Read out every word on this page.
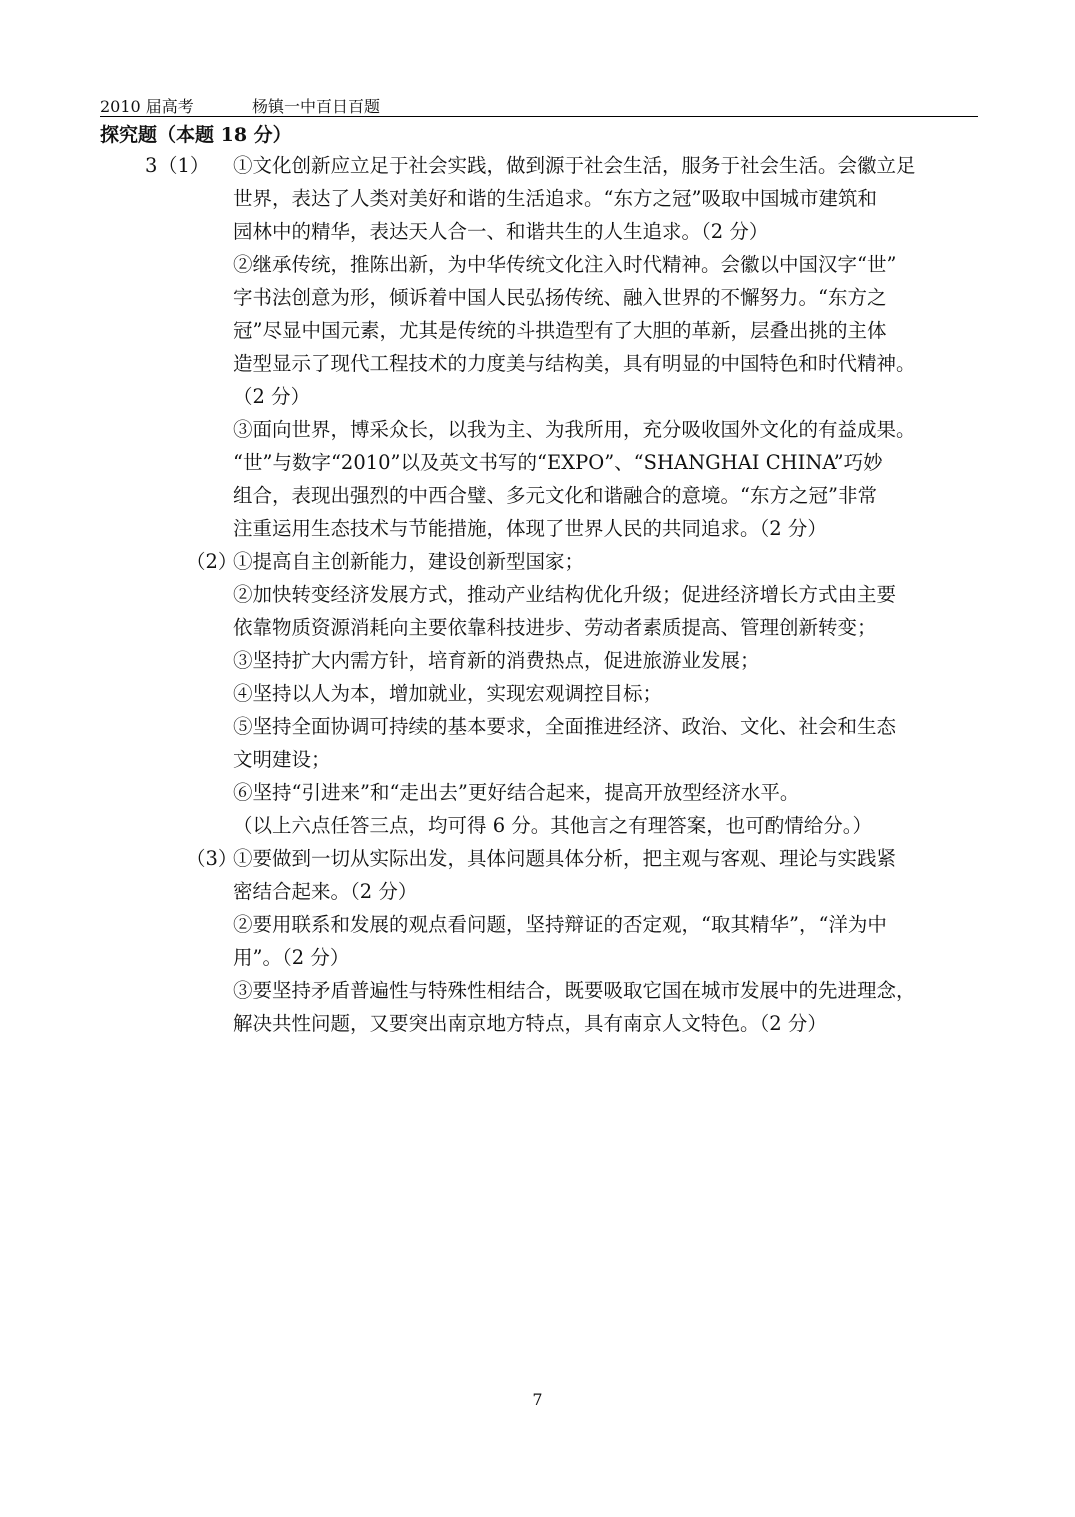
2010 届高考	杨镇一中百日百题
探究题（本题 18 分）
3 （1） ①文化创新应立足于社会实践，做到源于社会生活，服务于社会生活。会徽立足
世界，表达了人类对美好和谐的生活追求。“东方之冠”吸取中国城市建筑和
园林中的精华，表达天人合一、和谐共生的人生追求。（2 分）
②继承传统，推陈出新，为中华传统文化注入时代精神。会徽以中国汉字“世”
字书法创意为形，倾诉着中国人民弘扬传统、融入世界的不懈努力。“东方之
冠”尽显中国元素，尤其是传统的斗拱造型有了大胆的革新，层叠出挑的主体
造型显示了现代工程技术的力度美与结构美，具有明显的中国特色和时代精神。
（2 分）
③面向世界，博采众长，以我为主、为我所用，充分吸收国外文化的有益成果。
“世”与数字“2010”以及英文书写的“EXPO”、“SHANGHAI CHINA”巧妙
组合，表现出强烈的中西合璧、多元文化和谐融合的意境。“东方之冠”非常
注重运用生态技术与节能措施，体现了世界人民的共同追求。（2 分）
（2）
①提高自主创新能力，建设创新型国家；
②加快转变经济发展方式，推动产业结构优化升级；促进经济增长方式由主要
依靠物质资源消耗向主要依靠科技进步、劳动者素质提高、管理创新转变；
③坚持扩大内需方针，培育新的消费热点，促进旅游业发展；
④坚持以人为本，增加就业，实现宏观调控目标；
⑤坚持全面协调可持续的基本要求，全面推进经济、政治、文化、社会和生态
文明建设；
⑥坚持“引进来”和“走出去”更好结合起来，提高开放型经济水平。
（以上六点任答三点，均可得 6 分。其他言之有理答案，也可酌情给分。）
（3）
①要做到一切从实际出发，具体问题具体分析，把主观与客观、理论与实践紧
密结合起来。（2 分）
②要用联系和发展的观点看问题，坚持辩证的否定观，“取其精华”，“洋为中
用”。（2 分）
③要坚持矛盾普遍性与特殊性相结合，既要吸取它国在城市发展中的先进理念，
解决共性问题，又要突出南京地方特点，具有南京人文特色。（2 分）
7
